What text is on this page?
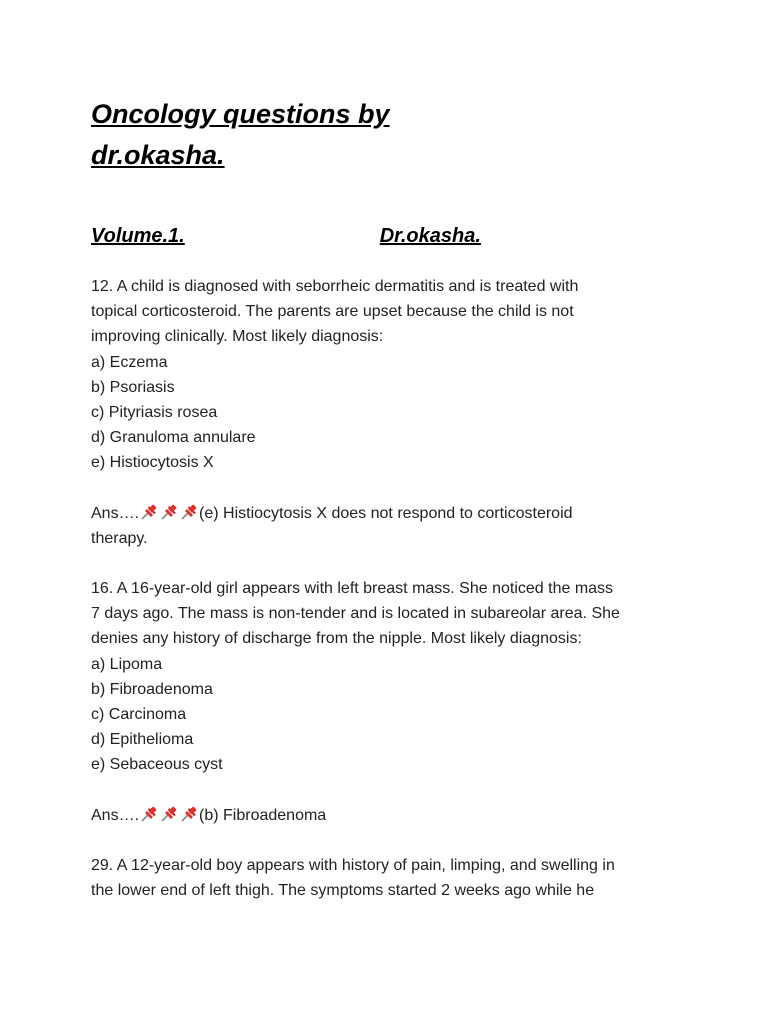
Oncology questions by
dr.okasha.
Volume.1.	Dr.okasha.
12. A child is diagnosed with seborrheic dermatitis and is treated with
topical corticosteroid. The parents are upset because the child is not
improving clinically. Most likely diagnosis:
a) Eczema
b) Psoriasis
c) Pityriasis rosea
d) Granuloma annulare
e) Histiocytosis X
Ans….	(e) Histiocytosis X does not respond to corticosteroid
therapy.
16. A 16-year-old girl appears with left breast mass. She noticed the mass
7 days ago. The mass is non-tender and is located in subareolar area. She
denies any history of discharge from the nipple. Most likely diagnosis:
a) Lipoma
b) Fibroadenoma
c) Carcinoma
d) Epithelioma
e) Sebaceous cyst
Ans….	(b) Fibroadenoma
29. A 12-year-old boy appears with history of pain, limping, and swelling in
the lower end of left thigh. The symptoms started 2 weeks ago while he
